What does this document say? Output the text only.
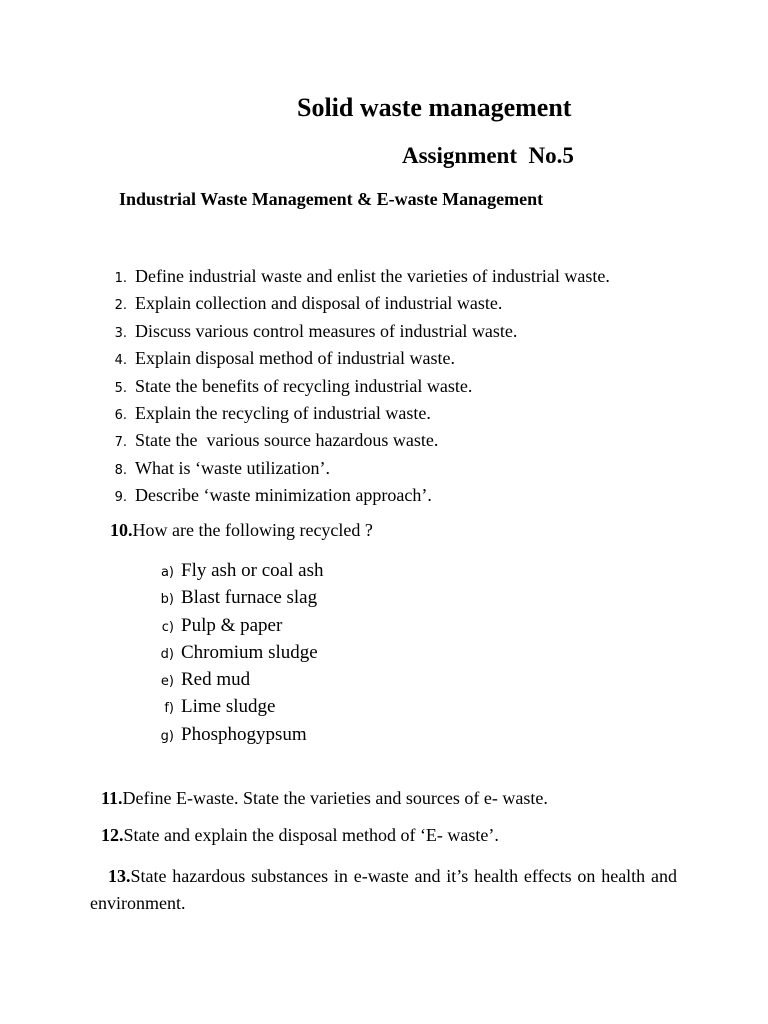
Solid waste management
Assignment  No.5
Industrial Waste Management & E-waste Management
1. Define industrial waste and enlist the varieties of industrial waste.
2. Explain collection and disposal of industrial waste.
3. Discuss various control measures of industrial waste.
4. Explain disposal method of industrial waste.
5. State the benefits of recycling industrial waste.
6. Explain the recycling of industrial waste.
7. State the  various source hazardous waste.
8. What is ‘waste utilization’.
9. Describe ‘waste minimization approach’.
10.How are the following recycled ?
a) Fly ash or coal ash
b) Blast furnace slag
c) Pulp & paper
d) Chromium sludge
e) Red mud
f) Lime sludge
g) Phosphogypsum
11.Define E-waste. State the varieties and sources of e- waste.
12.State and explain the disposal method of ‘E- waste’.
13.State hazardous substances in e-waste and it’s health effects on health and environment.
